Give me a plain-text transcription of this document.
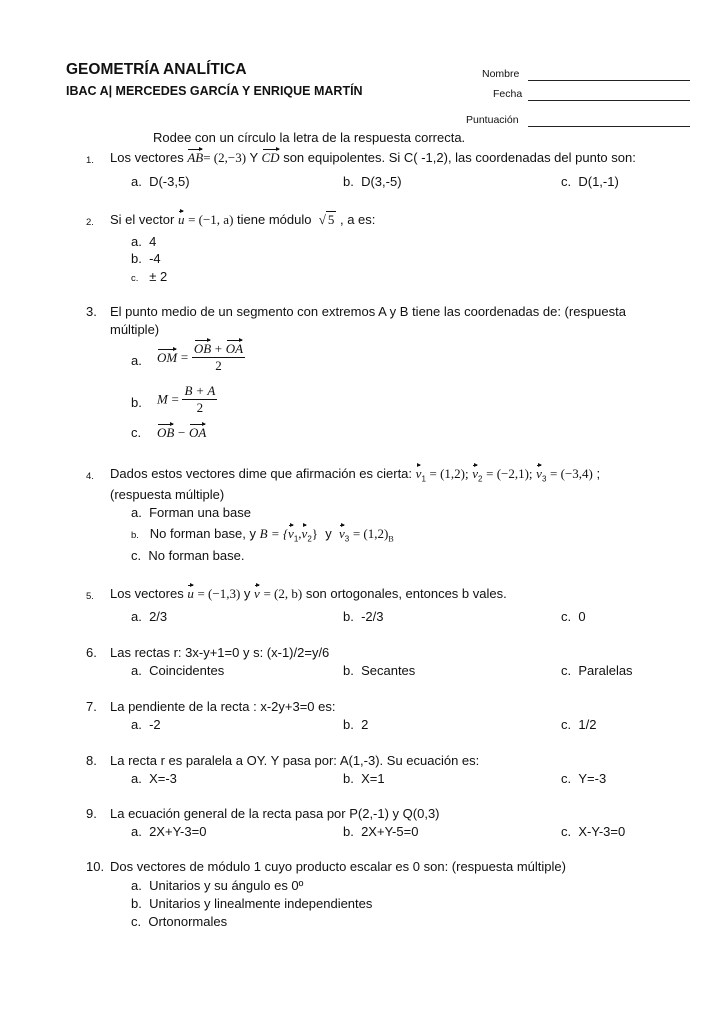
GEOMETRÍA ANALÍTICA
IBAC A| MERCEDES GARCÍA Y ENRIQUE MARTÍN
Nombre
Fecha
Puntuación
Rodee con un círculo la letra de la respuesta correcta.
1. Los vectores AB= (2,−3) Y CD son equipolentes. Si C( -1,2), las coordenadas del punto son:
a. D(-3,5)	b. D(3,-5)	c. D(1,-1)
2. Si el vector u = (−1, a) tiene módulo √ 5 , a es:
a. 4
b. -4
c. ± 2
3. El punto medio de un segmento con extremos A y B tiene las coordenadas de: (respuesta
múltiple)
a. OM = $\frac{OB + OA}{2}$
b. $M = \frac{B + A}{2}$
c. OB − OA
4. Dados estos vectores dime que afirmación es cierta: $v_1 = (1,2)$; $v_2 = (-2,1)$; $v_3 = (-3,4)$ ;
(respuesta múltiple)
a. Forman una base
b. No forman base, y $B = \{v_1,v_2\}$ y $v_3 = (1,2)_B$
c. No forman base.
5. Los vectores u = (−1,3) y v = (2, b) son ortogonales, entonces b vales.
a. 2/3	b. -2/3	c. 0
6. Las rectas r: 3x-y+1=0 y s: (x-1)/2=y/6
a. Coincidentes	b. Secantes	c. Paralelas
7. La pendiente de la recta : x-2y+3=0 es:
a. -2	b. 2	c. 1/2
8. La recta r es paralela a OY. Y pasa por: A(1,-3). Su ecuación es:
a. X=-3	b. X=1	c. Y=-3
9. La ecuación general de la recta pasa por P(2,-1) y Q(0,3)
a. 2X+Y-3=0	b. 2X+Y-5=0	c. X-Y-3=0
10. Dos vectores de módulo 1 cuyo producto escalar es 0 son: (respuesta múltiple)
a. Unitarios y su ángulo es 0º
b. Unitarios y linealmente independientes
c. Ortonormales
